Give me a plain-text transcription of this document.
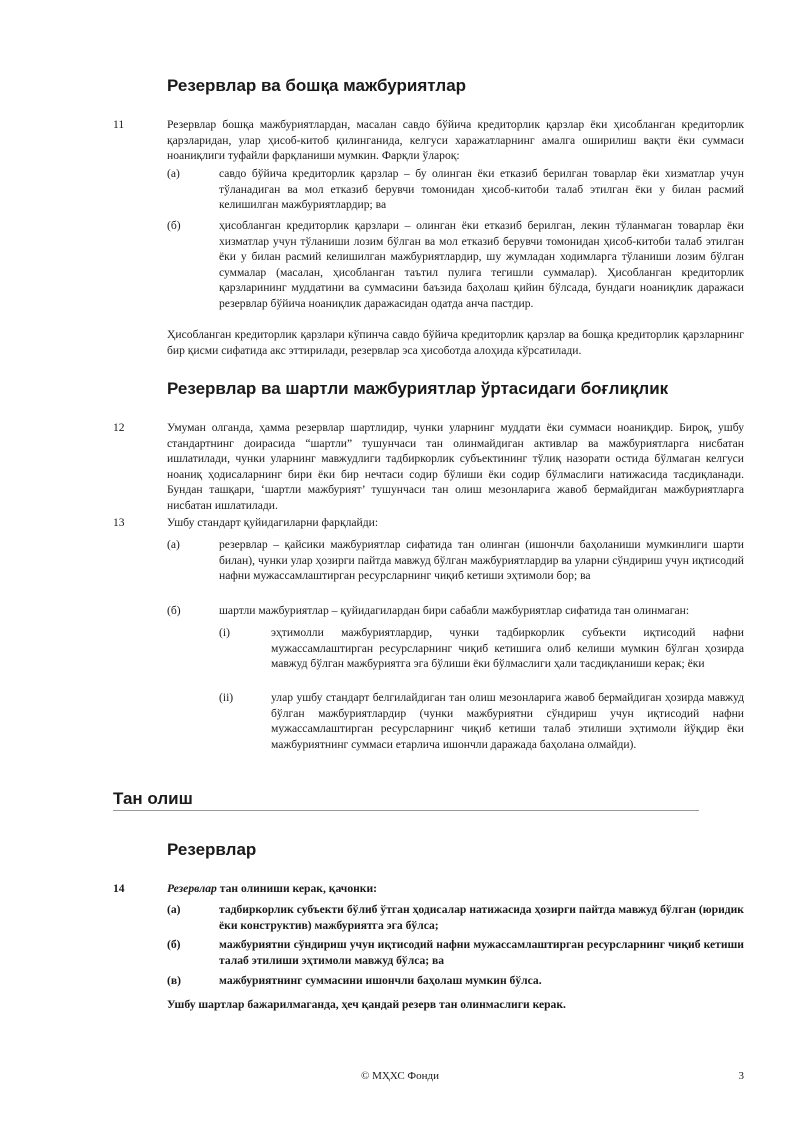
Резервлар ва бошқа мажбуриятлар
11	Резервлар бошқа мажбуриятлардан, масалан савдо бўйича кредиторлик қарзлар ёки ҳисобланган кредиторлик қарзларидан, улар ҳисоб-китоб қилинганида, келгуси харажатларнинг амалга оширилиш вақти ёки суммаси ноаниқлиги туфайли фарқланиши мумкин. Фарқли ўлароқ:
(а)	савдо бўйича кредиторлик қарзлар – бу олинган ёки етказиб берилган товарлар ёки хизматлар учун тўланадиган ва мол етказиб берувчи томонидан ҳисоб-китоби талаб этилган ёки у билан расмий келишилган мажбуриятлардир; ва
(б)	ҳисобланган кредиторлик қарзлари – олинган ёки етказиб берилган, лекин тўланмаган товарлар ёки хизматлар учун тўланиши лозим бўлган ва мол етказиб берувчи томонидан ҳисоб-китоби талаб этилган ёки у билан расмий келишилган мажбуриятлардир, шу жумладан ходимларга тўланиши лозим бўлган суммалар (масалан, ҳисобланган таътил пулига тегишли суммалар). Ҳисобланган кредиторлик қарзларининг муддатини ва суммасини баъзида баҳолаш қийин бўлсада, бундаги ноаниқлик даражаси резервлар бўйича ноаниқлик даражасидан одатда анча пастдир.
Ҳисобланган кредиторлик қарзлари кўпинча савдо бўйича кредиторлик қарзлар ва бошқа кредиторлик қарзларнинг бир қисми сифатида акс эттирилади, резервлар эса ҳисоботда алоҳида кўрсатилади.
Резервлар ва шартли мажбуриятлар ўртасидаги боғлиқлик
12	Умуман олганда, ҳамма резервлар шартлидир, чунки уларнинг муддати ёки суммаси ноаниқдир. Бироқ, ушбу стандартнинг доирасида “шартли” тушунчаси тан олинмайдиган активлар ва мажбуриятларга нисбатан ишлатилади, чунки уларнинг мавжудлиги тадбиркорлик субъектининг тўлиқ назорати остида бўлмаган келгуси ноаниқ ҳодисаларнинг бири ёки бир нечтаси содир бўлиши ёки содир бўлмаслиги натижасида тасдиқланади. Бундан ташқари, ‘шартли мажбурият’ тушунчаси тан олиш мезонларига жавоб бермайдиган мажбуриятларга нисбатан ишлатилади.
13	Ушбу стандарт қуйидагиларни фарқлайди:
(а)	резервлар – қайсики мажбуриятлар сифатида тан олинган (ишончли баҳоланиши мумкинлиги шарти билан), чунки улар ҳозирги пайтда мавжуд бўлган мажбуриятлардир ва уларни сўндириш учун иқтисодий нафни мужассамлаштирган ресурсларнинг чиқиб кетиши эҳтимоли бор; ва
(б)	шартли мажбуриятлар – қуйидагилардан бири сабабли мажбуриятлар сифатида тан олинмаган:
(i)	эҳтимолли мажбуриятлардир, чунки тадбиркорлик субъекти иқтисодий нафни мужассамлаштирган ресурсларнинг чиқиб кетишига олиб келиши мумкин бўлган ҳозирда мавжуд бўлган мажбуриятга эга бўлиши ёки бўлмаслиги ҳали тасдиқланиши керак; ёки
(ii)	улар ушбу стандарт белгилайдиган тан олиш мезонларига жавоб бермайдиган ҳозирда мавжуд бўлган мажбуриятлардир (чунки мажбуриятни сўндириш учун иқтисодий нафни мужассамлаштирган ресурсларнинг чиқиб кетиши талаб этилиши эҳтимоли йўқдир ёки мажбуриятнинг суммаси етарлича ишончли даражада баҳолана олмайди).
Тан олиш
Резервлар
14	Резервлар тан олиниши керак, қачонки:
(а)	тадбиркорлик субъекти бўлиб ўтган ҳодисалар натижасида ҳозирги пайтда мавжуд бўлган (юридик ёки конструктив) мажбуриятга эга бўлса;
(б)	мажбуриятни сўндириш учун иқтисодий нафни мужассамлаштирган ресурсларнинг чиқиб кетиши талаб этилиши эҳтимоли мавжуд бўлса; ва
(в)	мажбуриятнинг суммасини ишончли баҳолаш мумкин бўлса.
Ушбу шартлар бажарилмаганда, ҳеч қандай резерв тан олинмаслиги керак.
© МҲХС Фонди	3
